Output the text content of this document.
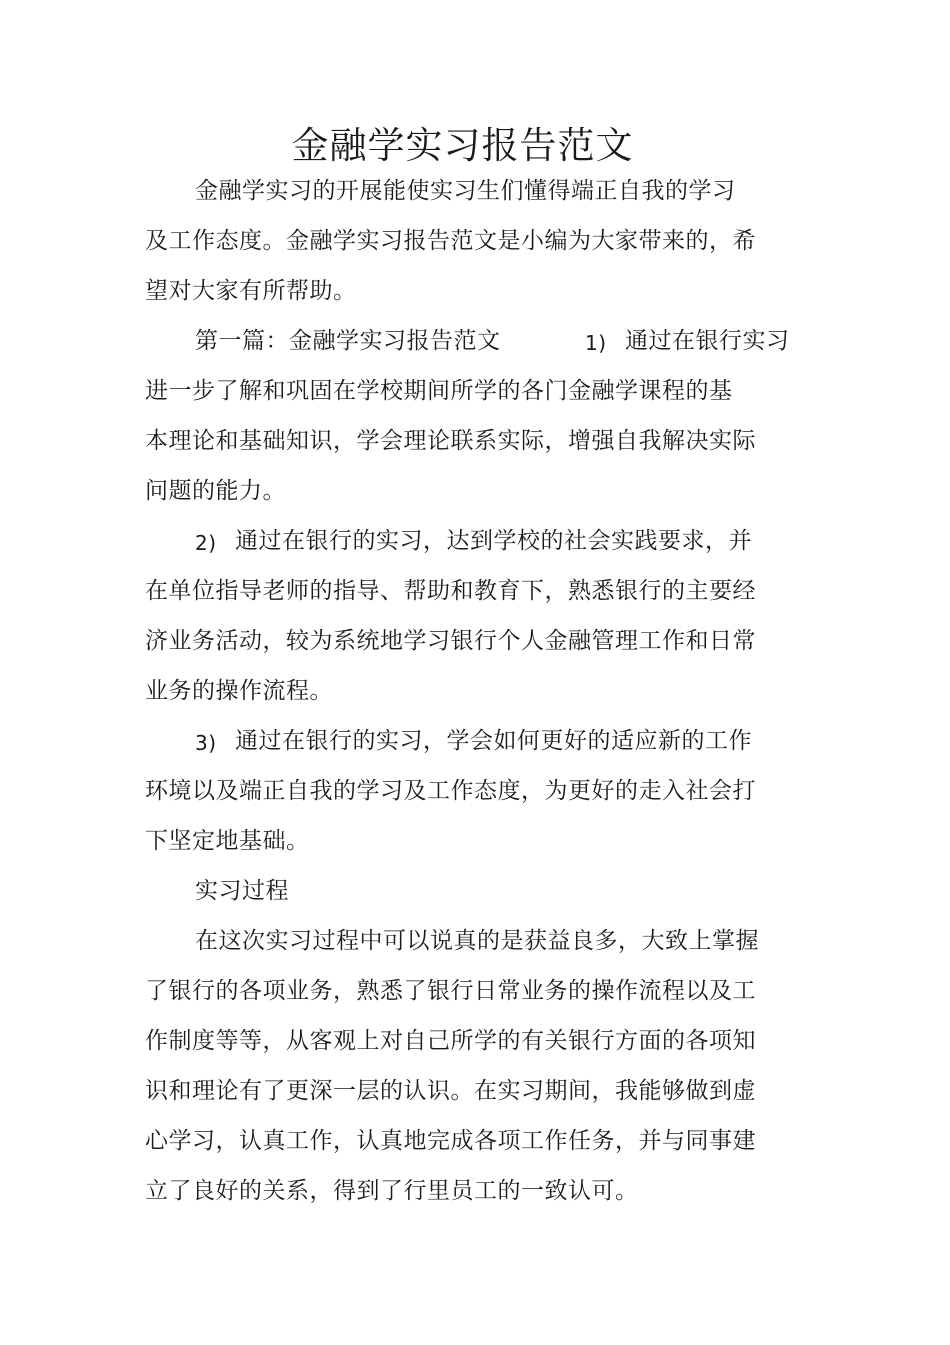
金融学实习报告范文
金融学实习的开展能使实习生们懂得端正自我的学习
及工作态度。金融学实习报告范文是小编为大家带来的，希
望对大家有所帮助。
第一篇：金融学实习报告范文	1) 通过在银行实习
进一步了解和巩固在学校期间所学的各门金融学课程的基
本理论和基础知识，学会理论联系实际，增强自我解决实际
问题的能力。
2) 通过在银行的实习，达到学校的社会实践要求，并
在单位指导老师的指导、帮助和教育下，熟悉银行的主要经
济业务活动，较为系统地学习银行个人金融管理工作和日常
业务的操作流程。
3) 通过在银行的实习，学会如何更好的适应新的工作
环境以及端正自我的学习及工作态度，为更好的走入社会打
下坚定地基础。
实习过程
在这次实习过程中可以说真的是获益良多，大致上掌握
了银行的各项业务，熟悉了银行日常业务的操作流程以及工
作制度等等，从客观上对自己所学的有关银行方面的各项知
识和理论有了更深一层的认识。在实习期间，我能够做到虚
心学习，认真工作，认真地完成各项工作任务，并与同事建
立了良好的关系，得到了行里员工的一致认可。
